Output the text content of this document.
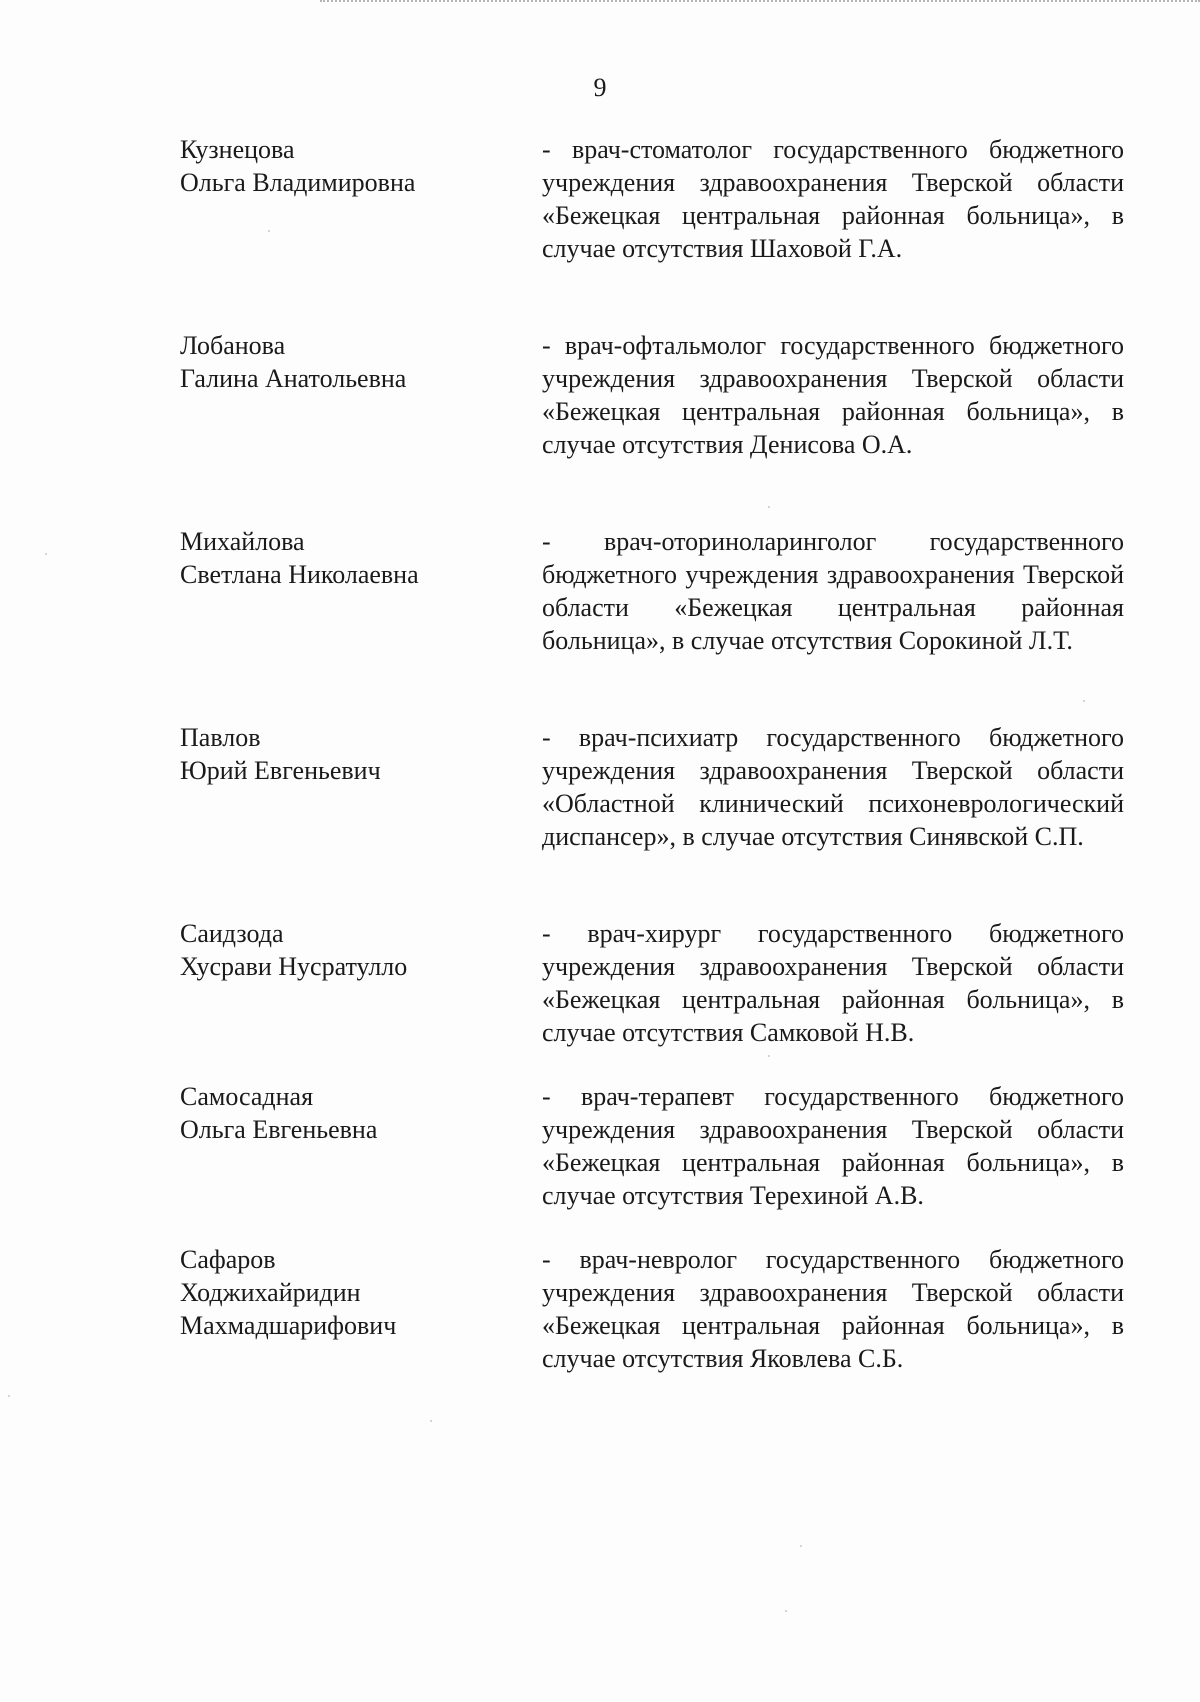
9
Кузнецова
Ольга Владимировна
- врач-стоматолог государственного бюджетного учреждения здравоохранения Тверской области «Бежецкая центральная районная больница», в случае отсутствия Шаховой Г.А.
Лобанова
Галина Анатольевна
- врач-офтальмолог государственного бюджетного учреждения здравоохранения Тверской области «Бежецкая центральная районная больница», в случае отсутствия Денисова О.А.
Михайлова
Светлана Николаевна
- врач-оториноларинголог государственного бюджетного учреждения здравоохранения Тверской области «Бежецкая центральная районная больница», в случае отсутствия Сорокиной Л.Т.
Павлов
Юрий Евгеньевич
- врач-психиатр государственного бюджетного учреждения здравоохранения Тверской области «Областной клинический психоневрологический диспансер», в случае отсутствия Синявской С.П.
Саидзода
Хусрави Нусратулло
- врач-хирург государственного бюджетного учреждения здравоохранения Тверской области «Бежецкая центральная районная больница», в случае отсутствия Самковой Н.В.
Самосадная
Ольга Евгеньевна
- врач-терапевт государственного бюджетного учреждения здравоохранения Тверской области «Бежецкая центральная районная больница», в случае отсутствия Терехиной А.В.
Сафаров
Ходжихайридин
Махмадшарифович
- врач-невролог государственного бюджетного учреждения здравоохранения Тверской области «Бежецкая центральная районная больница», в случае отсутствия Яковлева С.Б.
